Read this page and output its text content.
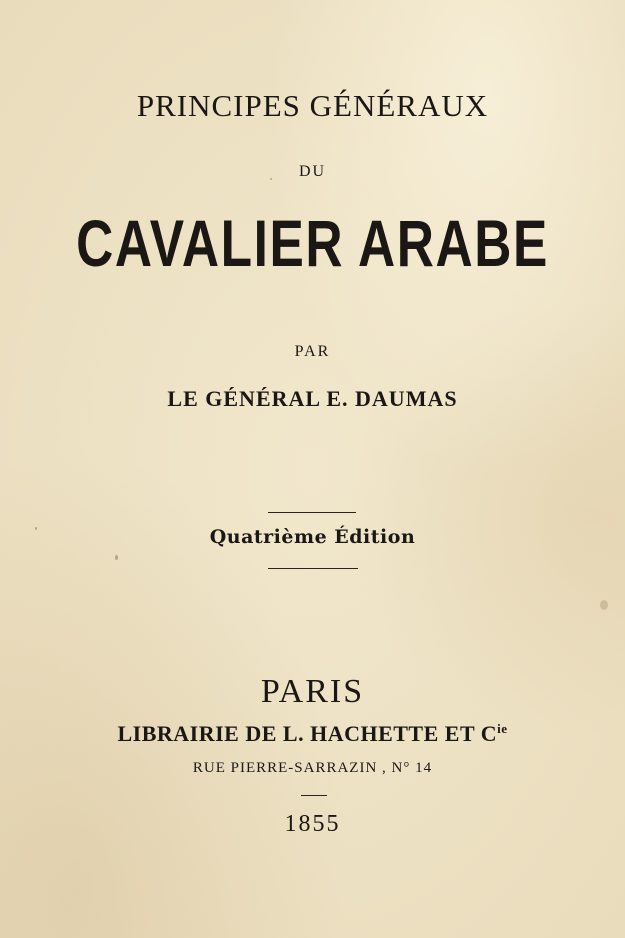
PRINCIPES GÉNÉRAUX
DU
CAVALIER ARABE
PAR
LE GÉNÉRAL E. DAUMAS
Quatrième Édition
PARIS
LIBRAIRIE DE L. HACHETTE ET $C^{ie}$
RUE PIERRE-SARRAZIN , N° 14
1855
